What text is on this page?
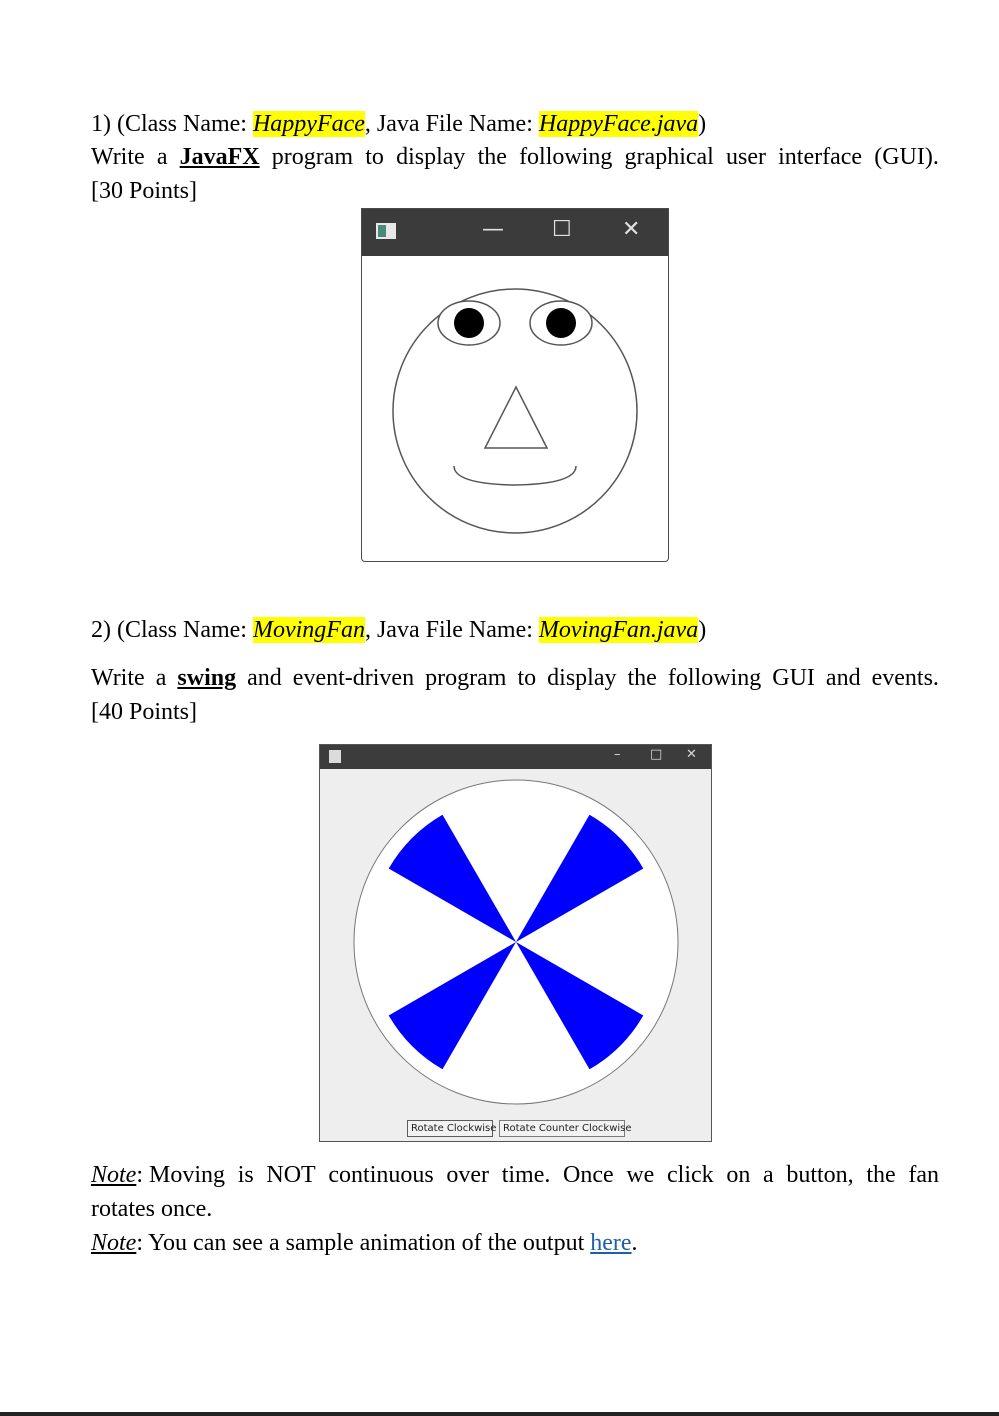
1) (Class Name: HappyFace, Java File Name: HappyFace.java)
Write a JavaFX program to display the following graphical user interface (GUI).
[30 Points]
— ☐ ✕
2) (Class Name: MovingFan, Java File Name: MovingFan.java)
Write a swing and event-driven program to display the following GUI and events.
[40 Points]
– □ ✕
Rotate Clockwise Rotate Counter Clockwise
Note: Moving is NOT continuous over time. Once we click on a button, the fan
rotates once.
Note: You can see a sample animation of the output here.
